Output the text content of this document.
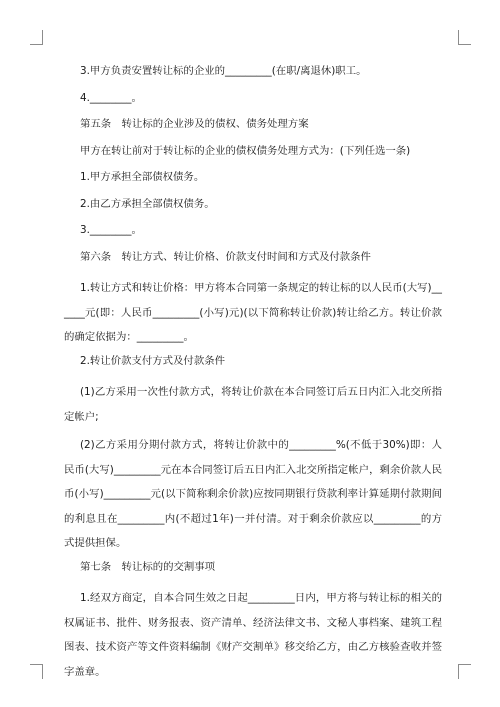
3.甲方负责安置转让标的企业的_________(在职/离退休)职工。

4.________。

第五条　转让标的企业涉及的债权、债务处理方案

甲方在转让前对于转让标的企业的债权债务处理方式为：(下列任选一条)

1.甲方承担全部债权债务。

2.由乙方承担全部债权债务。

3.________。

第六条　转让方式、转让价格、价款支付时间和方式及付款条件

1.转让方式和转让价格：甲方将本合同第一条规定的转让标的以人民币(大写)______元(即：人民币_________(小写)元)(以下简称转让价款)转让给乙方。转让价款的确定依据为：_________。

2.转让价款支付方式及付款条件

(1)乙方采用一次性付款方式，将转让价款在本合同签订后五日内汇入北交所指定帐户;

(2)乙方采用分期付款方式，将转让价款中的_________%(不低于30%)即：人民币(大写)_________元在本合同签订后五日内汇入北交所指定帐户，剩余价款人民币(小写)_________元(以下简称剩余价款)应按同期银行贷款利率计算延期付款期间的利息且在_________内(不超过1年)一并付清。对于剩余价款应以_________的方式提供担保。

第七条　转让标的的交割事项

1.经双方商定，自本合同生效之日起_________日内，甲方将与转让标的相关的权属证书、批件、财务报表、资产清单、经济法律文书、文秘人事档案、建筑工程图表、技术资产等文件资料编制《财产交割单》移交给乙方，由乙方核验查收并签字盖章。
